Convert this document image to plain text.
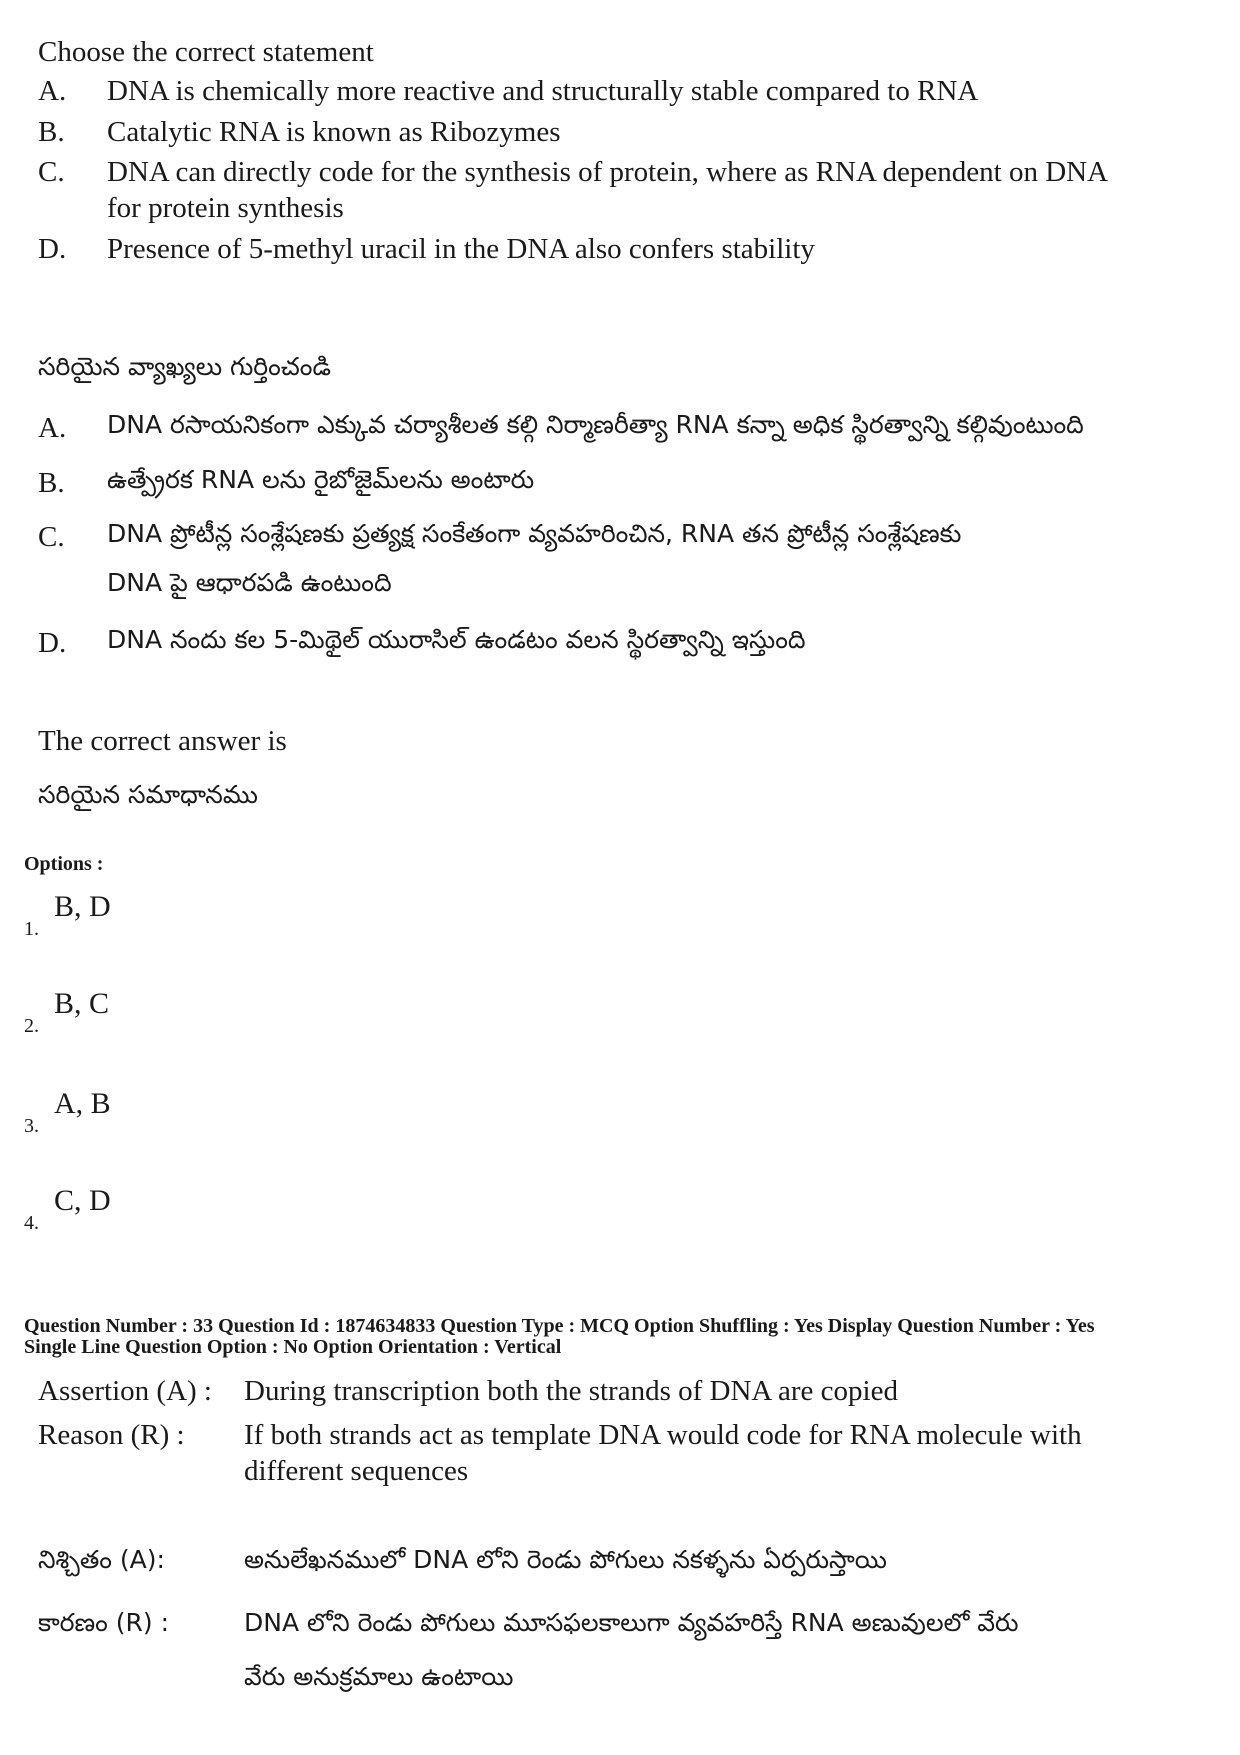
Choose the correct statement
A. DNA is chemically more reactive and structurally stable compared to RNA
B. Catalytic RNA is known as Ribozymes
C. DNA can directly code for the synthesis of protein, where as RNA dependent on DNA
for protein synthesis
D. Presence of 5-methyl uracil in the DNA also confers stability
సరియైన వ్యాఖ్యలు గుర్తించండి
A. DNA రసాయనికంగా ఎక్కువ చర్యాశీలత కల్గి నిర్మాణరీత్యా RNA కన్నా అధిక స్థిరత్వాన్ని కల్గివుంటుంది
B. ఉత్ప్రేరక RNA లను రైబోజైమ్‌లను అంటారు
C. DNA ప్రోటీన్ల సంశ్లేషణకు ప్రత్యక్ష సంకేతంగా వ్యవహరించిన, RNA తన ప్రోటీన్ల సంశ్లేషణకు
DNA పై ఆధారపడి ఉంటుంది
D. DNA నందు కల 5-మిథైల్ యురాసిల్ ఉండటం వలన స్థిరత్వాన్ని ఇస్తుంది
The correct answer is
సరియైన సమాధానము
Options :
1.
B, D
2.
B, C
3.
A, B
4.
C, D
Question Number : 33 Question Id : 1874634833 Question Type : MCQ Option Shuffling : Yes Display Question Number : Yes
Single Line Question Option : No Option Orientation : Vertical
Assertion (A) : During transcription both the strands of DNA are copied
Reason (R) : If both strands act as template DNA would code for RNA molecule with
different sequences
నిశ్చితం (A):	అనులేఖనములో DNA లోని రెండు పోగులు నకళ్ళను ఏర్పరుస్తాయి
కారణం (R) :	DNA లోని రెండు పోగులు మూసఫలకాలుగా వ్యవహరిస్తే RNA అణువులలో వేరు
వేరు అనుక్రమాలు ఉంటాయి
